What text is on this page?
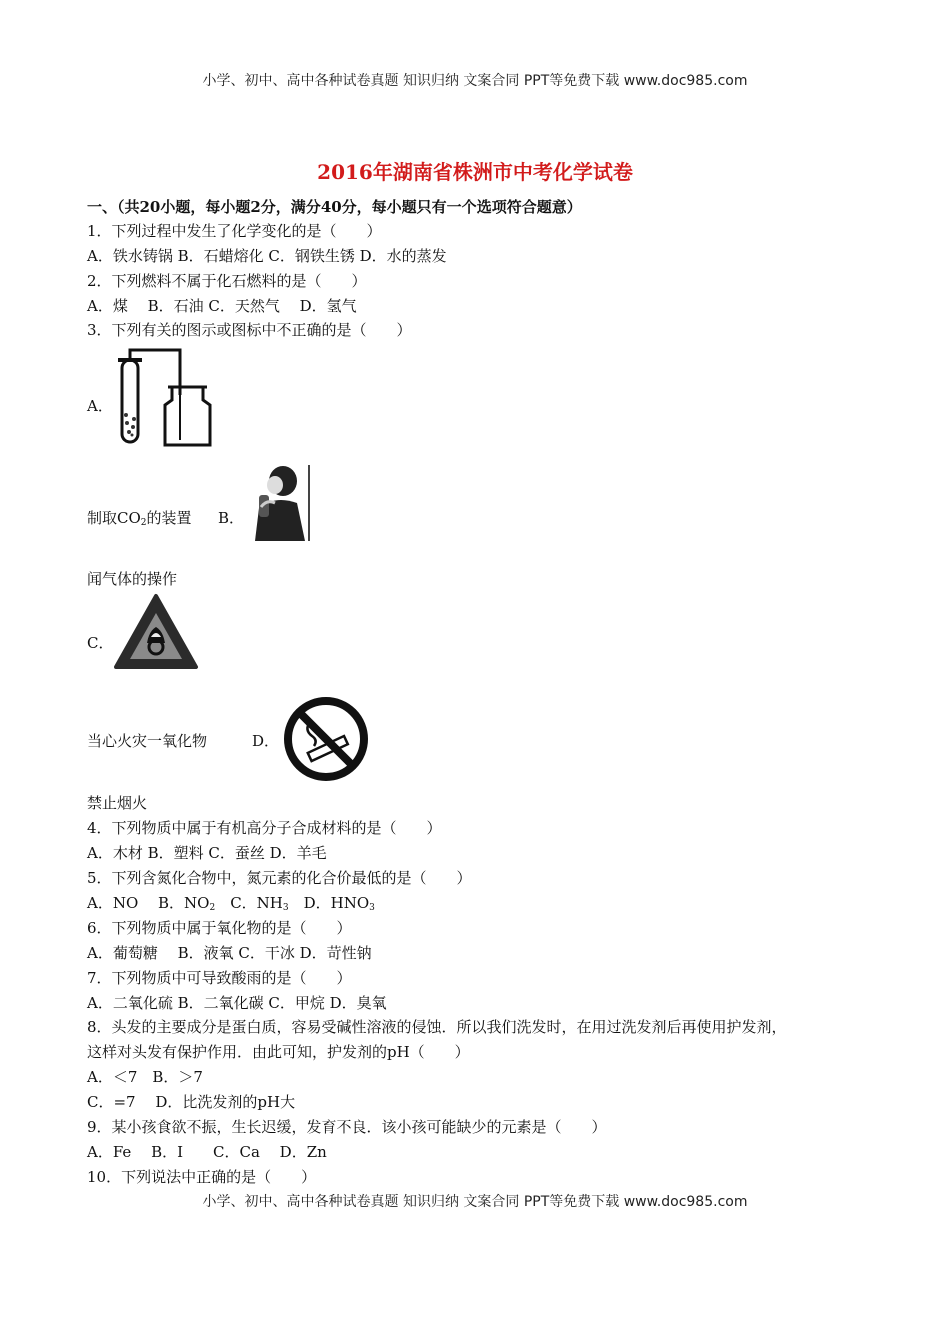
小学、初中、高中各种试卷真题 知识归纳 文案合同 PPT等免费下载 www.doc985.com
2016年湖南省株洲市中考化学试卷
一、（共20小题，每小题2分，满分40分，每小题只有一个选项符合题意）
1．下列过程中发生了化学变化的是（　　）
A．铁水铸锅 B．石蜡熔化 C．钢铁生锈 D．水的蒸发
2．下列燃料不属于化石燃料的是（　　）
A．煤　 B．石油 C．天然气　 D．氢气
3．下列有关的图示或图标中不正确的是（　　）
A．
制取$CO_2$的装置 B．
闻气体的操作
C．
当心火灾一氧化物	D．
禁止烟火
4．下列物质中属于有机高分子合成材料的是（　　）
A．木材 B．塑料 C．蚕丝 D．羊毛
5．下列含氮化合物中，氮元素的化合价最低的是（　　）
A．NO　 B．$NO_2$　C．$NH_3$　D．$HNO_3$
6．下列物质中属于氧化物的是（　　）
A．葡萄糖　 B．液氧 C．干冰 D．苛性钠
7．下列物质中可导致酸雨的是（　　）
A．二氧化硫 B．二氧化碳 C．甲烷 D．臭氧
8．头发的主要成分是蛋白质，容易受碱性溶液的侵蚀．所以我们洗发时，在用过洗发剂后再使用护发剂，
这样对头发有保护作用．由此可知，护发剂的pH（　　）
A．＜7　B．＞7
C．=7　 D．比洗发剂的pH大
9．某小孩食欲不振，生长迟缓，发育不良．该小孩可能缺少的元素是（　　）
A．Fe　 B．I　　C．Ca　 D．Zn
10．下列说法中正确的是（　　）
小学、初中、高中各种试卷真题 知识归纳 文案合同 PPT等免费下载 www.doc985.com
